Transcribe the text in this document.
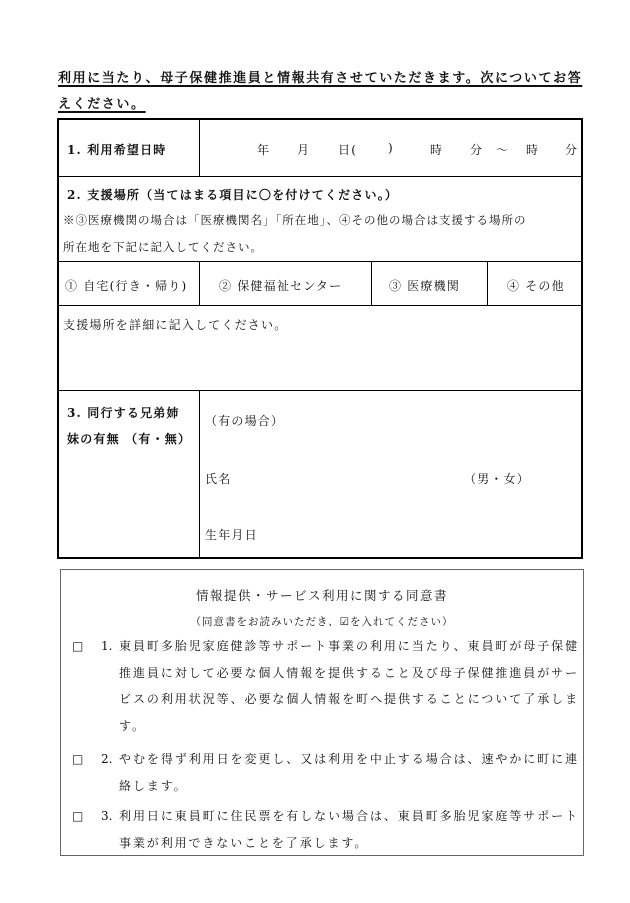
利用に当たり、母子保健推進員と情報共有させていただきます。次についてお答えください。
1. 利用希望日時	年 月 日(	)	時 分 ～ 時 分
2. 支援場所（当てはまる項目に〇を付けてください。）
※③医療機関の場合は「医療機関名」「所在地」、④その他の場合は支援する場所の
所在地を下記に記入してください。
① 自宅(行き・帰り)	② 保健福祉センター	③ 医療機関	④ その他
支援場所を詳細に記入してください。
3. 同行する兄弟姉
妹の有無 （有・無）
（有の場合）
氏名	（男・女）
生年月日
情報提供・サービス利用に関する同意書
（同意書をお読みいただき、☑を入れてください）
□ 1. 東員町多胎児家庭健診等サポート事業の利用に当たり、東員町が母子保健推進員に対して必要な個人情報を提供すること及び母子保健推進員がサービスの利用状況等、必要な個人情報を町へ提供することについて了承します。
□ 2. やむを得ず利用日を変更し、又は利用を中止する場合は、速やかに町に連絡します。
□ 3. 利用日に東員町に住民票を有しない場合は、東員町多胎児家庭等サポート事業が利用できないことを了承します。
